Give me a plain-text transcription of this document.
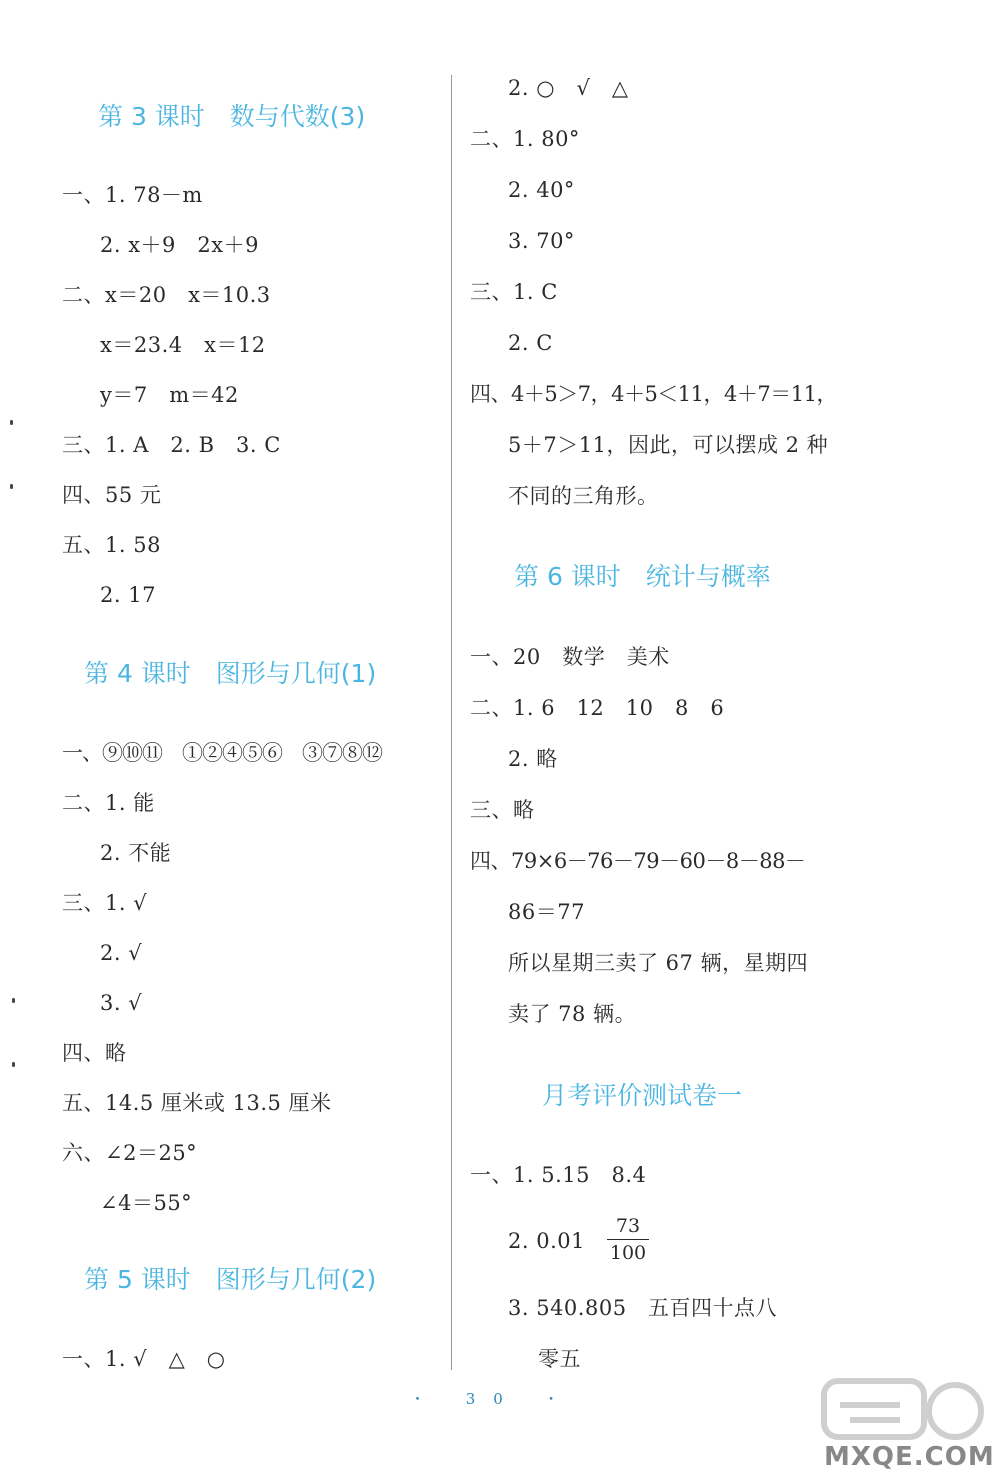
第 3 课时　数与代数(3)
一、1. 78－m
2. x＋9　2x＋9
二、x＝20　x＝10.3
x＝23.4　x＝12
y＝7　m＝42
三、1. A　2. B　3. C
四、55 元
五、1. 58
2. 17
第 4 课时　图形与几何(1)
一、⑨⑩⑪　①②④⑤⑥　③⑦⑧⑫
二、1. 能
2. 不能
三、1. √
2. √
3. √
四、略
五、14.5 厘米或 13.5 厘米
六、∠2＝25°
∠4＝55°
第 5 课时　图形与几何(2)
一、1. √　△　○
2. ○　√　△
二、1. 80°
2. 40°
3. 70°
三、1. C
2. C
四、4＋5＞7，4＋5＜11，4＋7＝11，
5＋7＞11，因此，可以摆成 2 种
不同的三角形。
第 6 课时　统计与概率
一、20　数学　美术
二、1. 6　12　10　8　6
2. 略
三、略
四、79×6－76－79－60－8－88－
86＝77
所以星期三卖了 67 辆，星期四
卖了 78 辆。
月考评价测试卷一
一、1. 5.15　8.4
2. 0.01
73
100
3. 540.805　五百四十点八
零五
・ 30 ・
MXQE.COM
